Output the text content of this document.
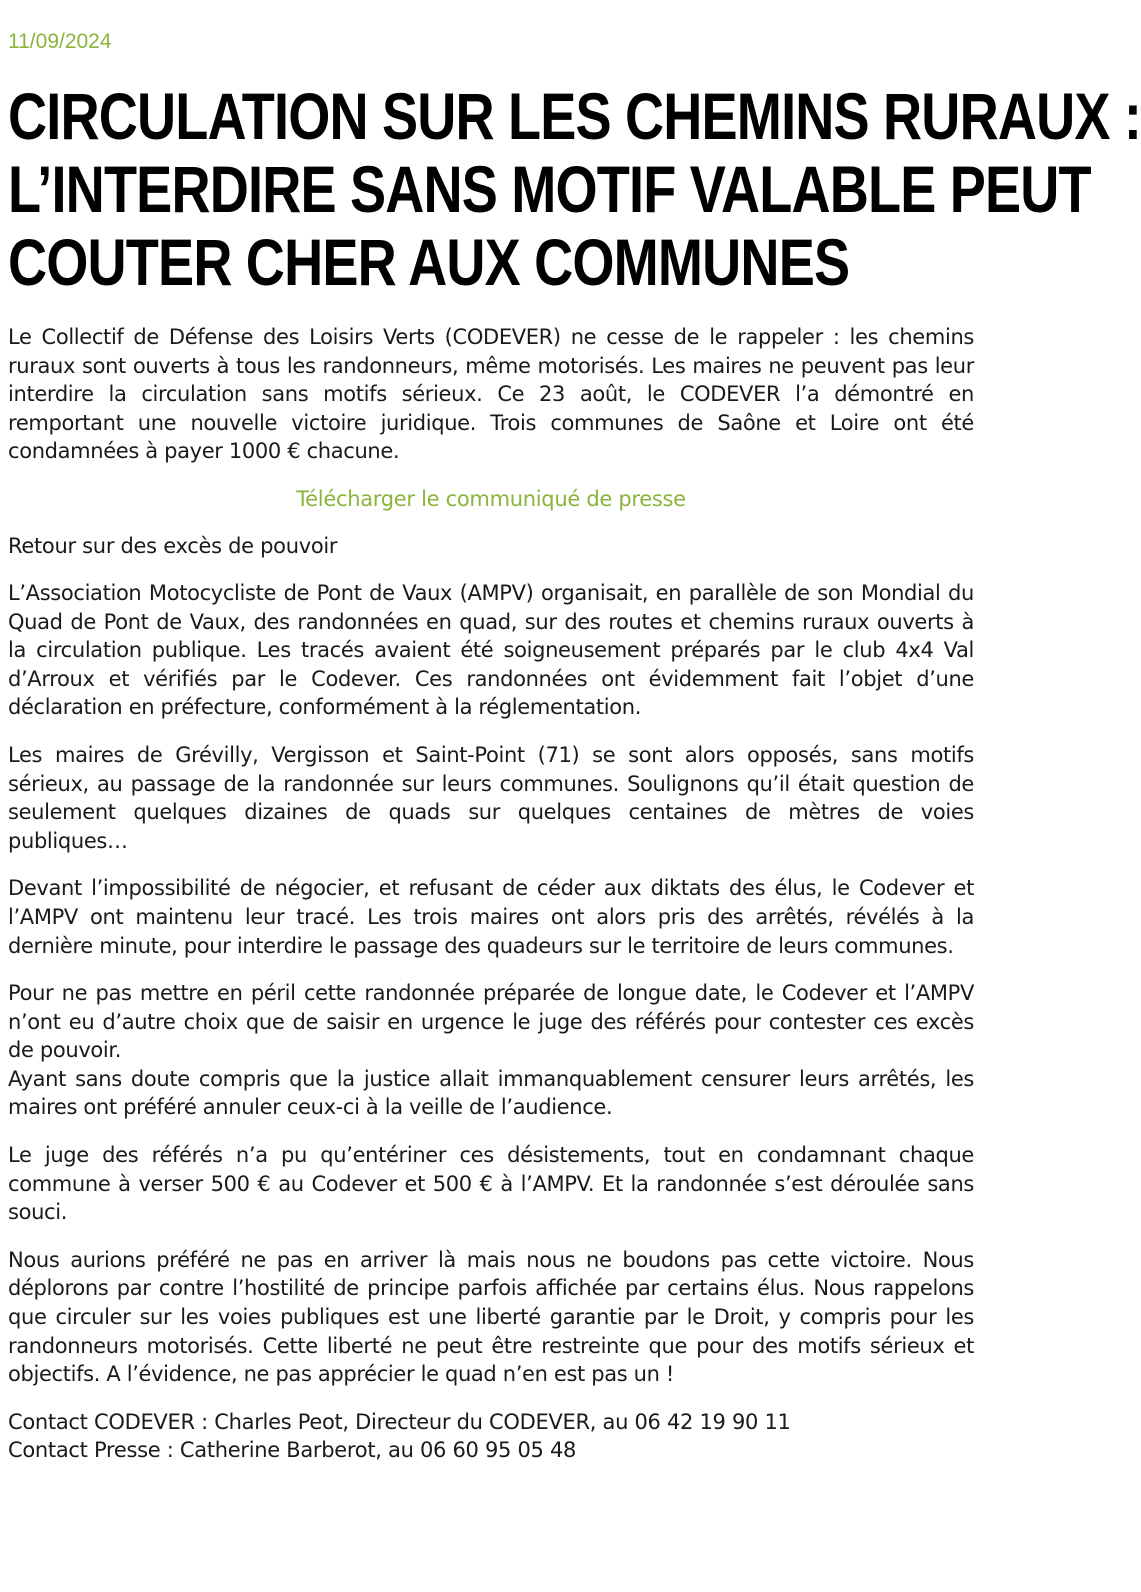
11/09/2024
CIRCULATION SUR LES CHEMINS RURAUX :
L’INTERDIRE SANS MOTIF VALABLE PEUT
COUTER CHER AUX COMMUNES

Le Collectif de Défense des Loisirs Verts (CODEVER) ne cesse de le rappeler : les chemins ruraux sont ouverts à tous les randonneurs, même motorisés. Les maires ne peuvent pas leur interdire la circulation sans motifs sérieux. Ce 23 août, le CODEVER l’a démontré en remportant une nouvelle victoire juridique. Trois communes de Saône et Loire ont été condamnées à payer 1000 € chacune.

Télécharger le communiqué de presse
Retour sur des excès de pouvoir

L’Association Motocycliste de Pont de Vaux (AMPV) organisait, en parallèle de son Mondial du Quad de Pont de Vaux, des randonnées en quad, sur des routes et chemins ruraux ouverts à la circulation publique. Les tracés avaient été soigneusement préparés par le club 4x4 Val d’Arroux et vérifiés par le Codever. Ces randonnées ont évidemment fait l’objet d’une déclaration en préfecture, conformément à la réglementation.

Les maires de Grévilly, Vergisson et Saint-Point (71) se sont alors opposés, sans motifs sérieux, au passage de la randonnée sur leurs communes. Soulignons qu’il était question de seulement quelques dizaines de quads sur quelques centaines de mètres de voies publiques…

Devant l’impossibilité de négocier, et refusant de céder aux diktats des élus, le Codever et l’AMPV ont maintenu leur tracé. Les trois maires ont alors pris des arrêtés, révélés à la dernière minute, pour interdire le passage des quadeurs sur le territoire de leurs communes.

Pour ne pas mettre en péril cette randonnée préparée de longue date, le Codever et l’AMPV n’ont eu d’autre choix que de saisir en urgence le juge des référés pour contester ces excès de pouvoir.

Ayant sans doute compris que la justice allait immanquablement censurer leurs arrêtés, les maires ont préféré annuler ceux-ci à la veille de l’audience.

Le juge des référés n’a pu qu’entériner ces désistements, tout en condamnant chaque commune à verser 500 € au Codever et 500 € à l’AMPV. Et la randonnée s’est déroulée sans souci.

Nous aurions préféré ne pas en arriver là mais nous ne boudons pas cette victoire. Nous déplorons par contre l’hostilité de principe parfois affichée par certains élus. Nous rappelons que circuler sur les voies publiques est une liberté garantie par le Droit, y compris pour les randonneurs motorisés. Cette liberté ne peut être restreinte que pour des motifs sérieux et objectifs. A l’évidence, ne pas apprécier le quad n’en est pas un !

Contact CODEVER : Charles Peot, Directeur du CODEVER, au 06 42 19 90 11
Contact Presse : Catherine Barberot, au 06 60 95 05 48
